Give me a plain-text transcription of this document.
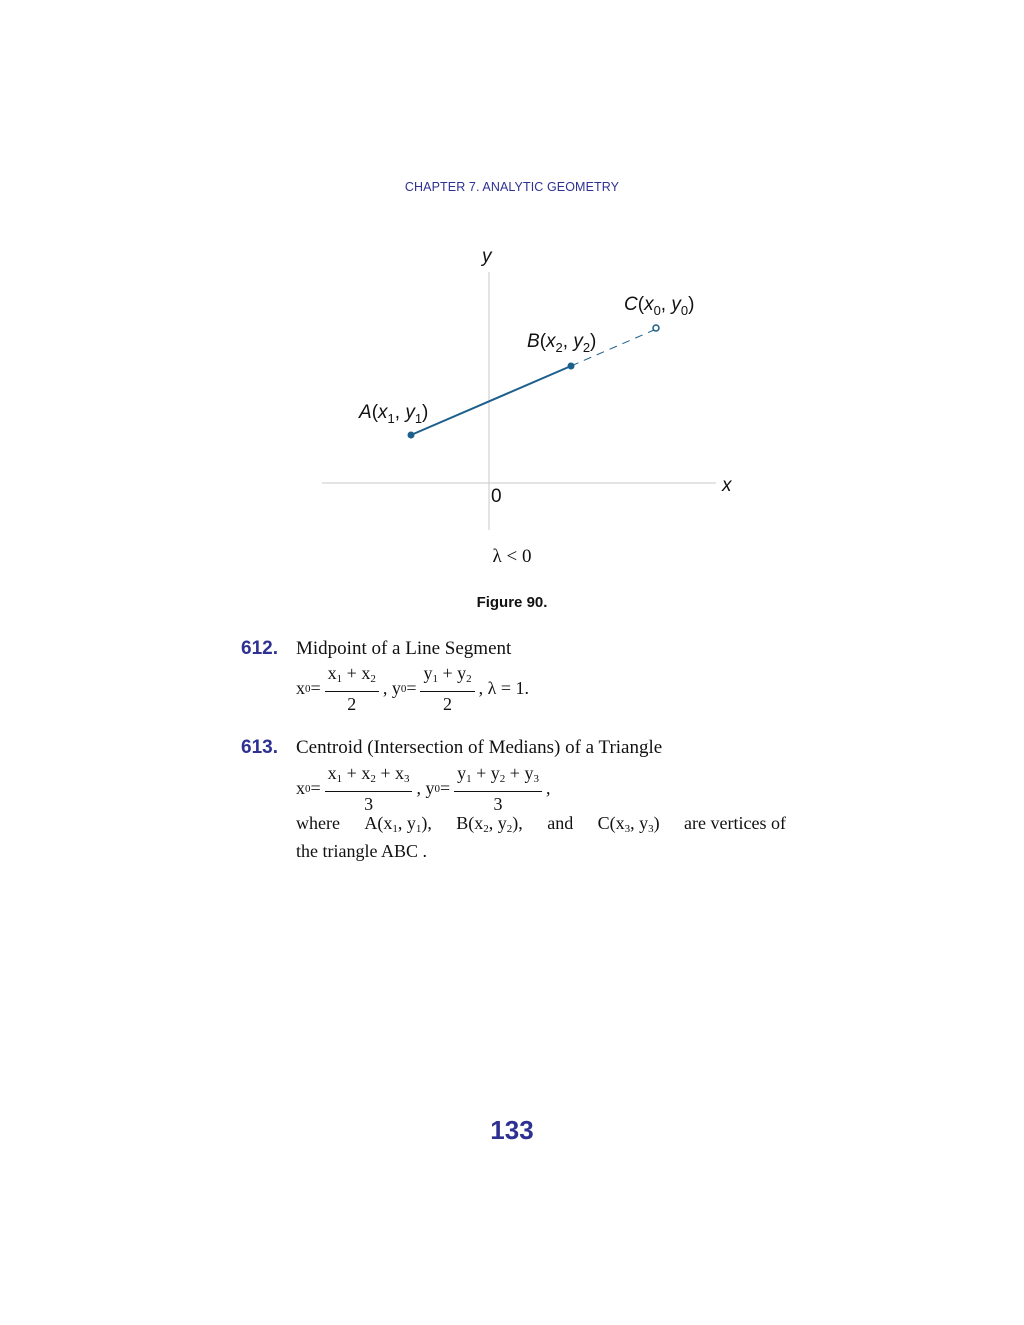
CHAPTER 7. ANALYTIC GEOMETRY
y
x
0
$A(x_1$, $y_1$)
$B(x_2$, $y_2$)
$C(x_0$, $y_0$)
λ < 0
Figure 90.
612. Midpoint of a Line Segment
x $0 = \frac{x_1 + x_2}{2}$ , y $0 = \frac{y_1 + y_2}{2}$ , λ = 1.
613. Centroid (Intersection of Medians) of a Triangle
x $0 = \frac{x_1 + x_2 + x_3}{3}$ , y $0 = \frac{y_1 + y_2 + y_3}{3}$ ,
where $A(x_1$, $y_1$), $B(x_2$, $y_2$), and $C(x_3$, $y_3$) are vertices of
the triangle ABC .
133
